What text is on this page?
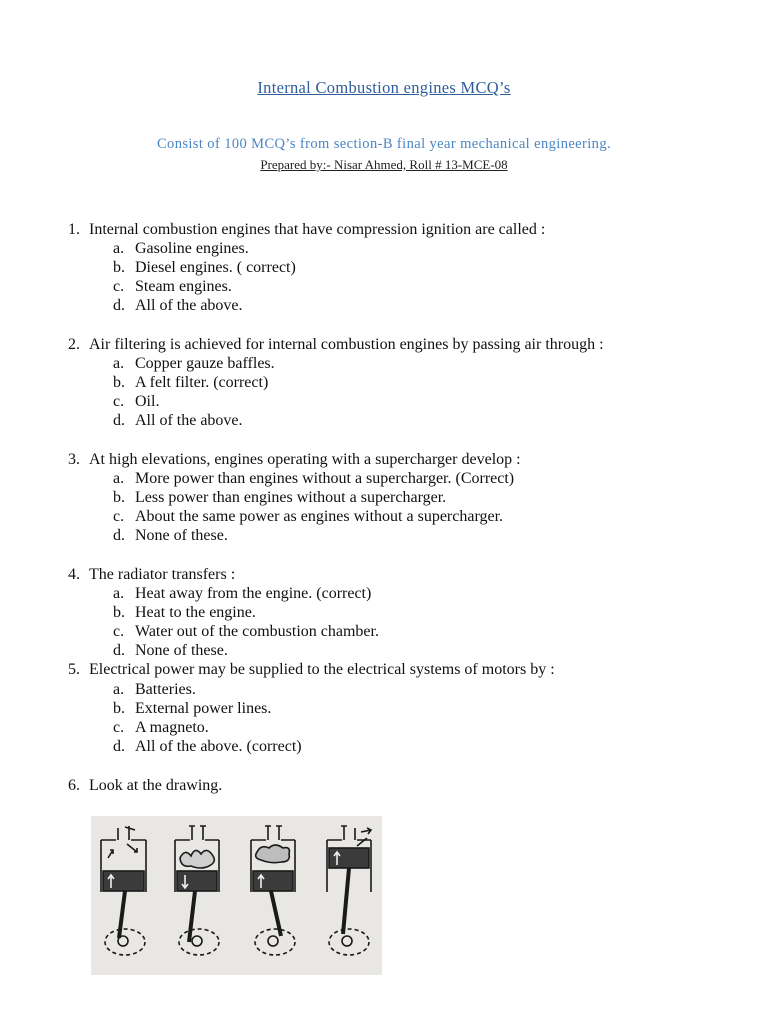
Internal Combustion engines MCQ’s
Consist of 100 MCQ’s from section-B final year mechanical engineering.
Prepared by:- Nisar Ahmed, Roll # 13-MCE-08
1. Internal combustion engines that have compression ignition are called :
a. Gasoline engines.
b. Diesel engines. ( correct)
c. Steam engines.
d. All of the above.
2. Air filtering is achieved for internal combustion engines by passing air through :
a. Copper gauze baffles.
b. A felt filter. (correct)
c. Oil.
d. All of the above.
3. At high elevations, engines operating with a supercharger develop :
a. More power than engines without a supercharger. (Correct)
b. Less power than engines without a supercharger.
c. About the same power as engines without a supercharger.
d. None of these.
4. The radiator transfers :
a. Heat away from the engine. (correct)
b. Heat to the engine.
c. Water out of the combustion chamber.
d. None of these.
5. Electrical power may be supplied to the electrical systems of motors by :
a. Batteries.
b. External power lines.
c. A magneto.
d. All of the above. (correct)
6. Look at the drawing.
